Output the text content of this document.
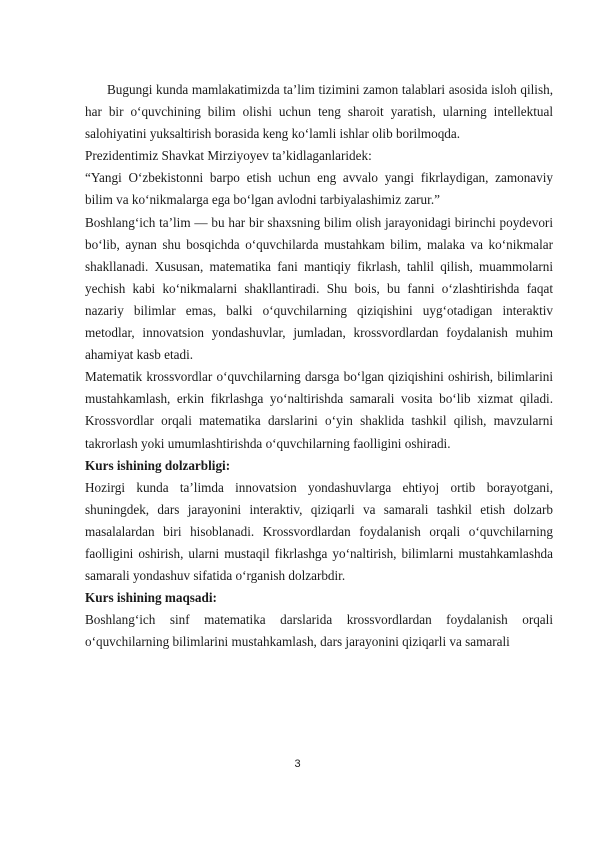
Bugungi kunda mamlakatimizda ta’lim tizimini zamon talablari asosida isloh qilish, har bir o‘quvchining bilim olishi uchun teng sharoit yaratish, ularning intellektual salohiyatini yuksaltirish borasida keng ko‘lamli ishlar olib borilmoqda.

Prezidentimiz Shavkat Mirziyoyev ta’kidlaganlaridek:

“Yangi O‘zbekistonni barpo etish uchun eng avvalo yangi fikrlaydigan, zamonaviy bilim va ko‘nikmalarga ega bo‘lgan avlodni tarbiyalashimiz zarur.”

Boshlang‘ich ta’lim — bu har bir shaxsning bilim olish jarayonidagi birinchi poydevori bo‘lib, aynan shu bosqichda o‘quvchilarda mustahkam bilim, malaka va ko‘nikmalar shakllanadi. Xususan, matematika fani mantiqiy fikrlash, tahlil qilish, muammolarni yechish kabi ko‘nikmalarni shakllantiradi. Shu bois, bu fanni o‘zlashtirishda faqat nazariy bilimlar emas, balki o‘quvchilarning qiziqishini uyg‘otadigan interaktiv metodlar, innovatsion yondashuvlar, jumladan, krossvordlardan foydalanish muhim ahamiyat kasb etadi.

Matematik krossvordlar o‘quvchilarning darsga bo‘lgan qiziqishini oshirish, bilimlarini mustahkamlash, erkin fikrlashga yo‘naltirishda samarali vosita bo‘lib xizmat qiladi. Krossvordlar orqali matematika darslarini o‘yin shaklida tashkil qilish, mavzularni takrorlash yoki umumlashtirishda o‘quvchilarning faolligini oshiradi.

Kurs ishining dolzarbligi:

Hozirgi kunda ta’limda innovatsion yondashuvlarga ehtiyoj ortib borayotgani, shuningdek, dars jarayonini interaktiv, qiziqarli va samarali tashkil etish dolzarb masalalardan biri hisoblanadi. Krossvordlardan foydalanish orqali o‘quvchilarning faolligini oshirish, ularni mustaqil fikrlashga yo‘naltirish, bilimlarni mustahkamlashda samarali yondashuv sifatida o‘rganish dolzarbdir.

Kurs ishining maqsadi:

Boshlang‘ich sinf matematika darslarida krossvordlardan foydalanish orqali o‘quvchilarning bilimlarini mustahkamlash, dars jarayonini qiziqarli va samarali

3
